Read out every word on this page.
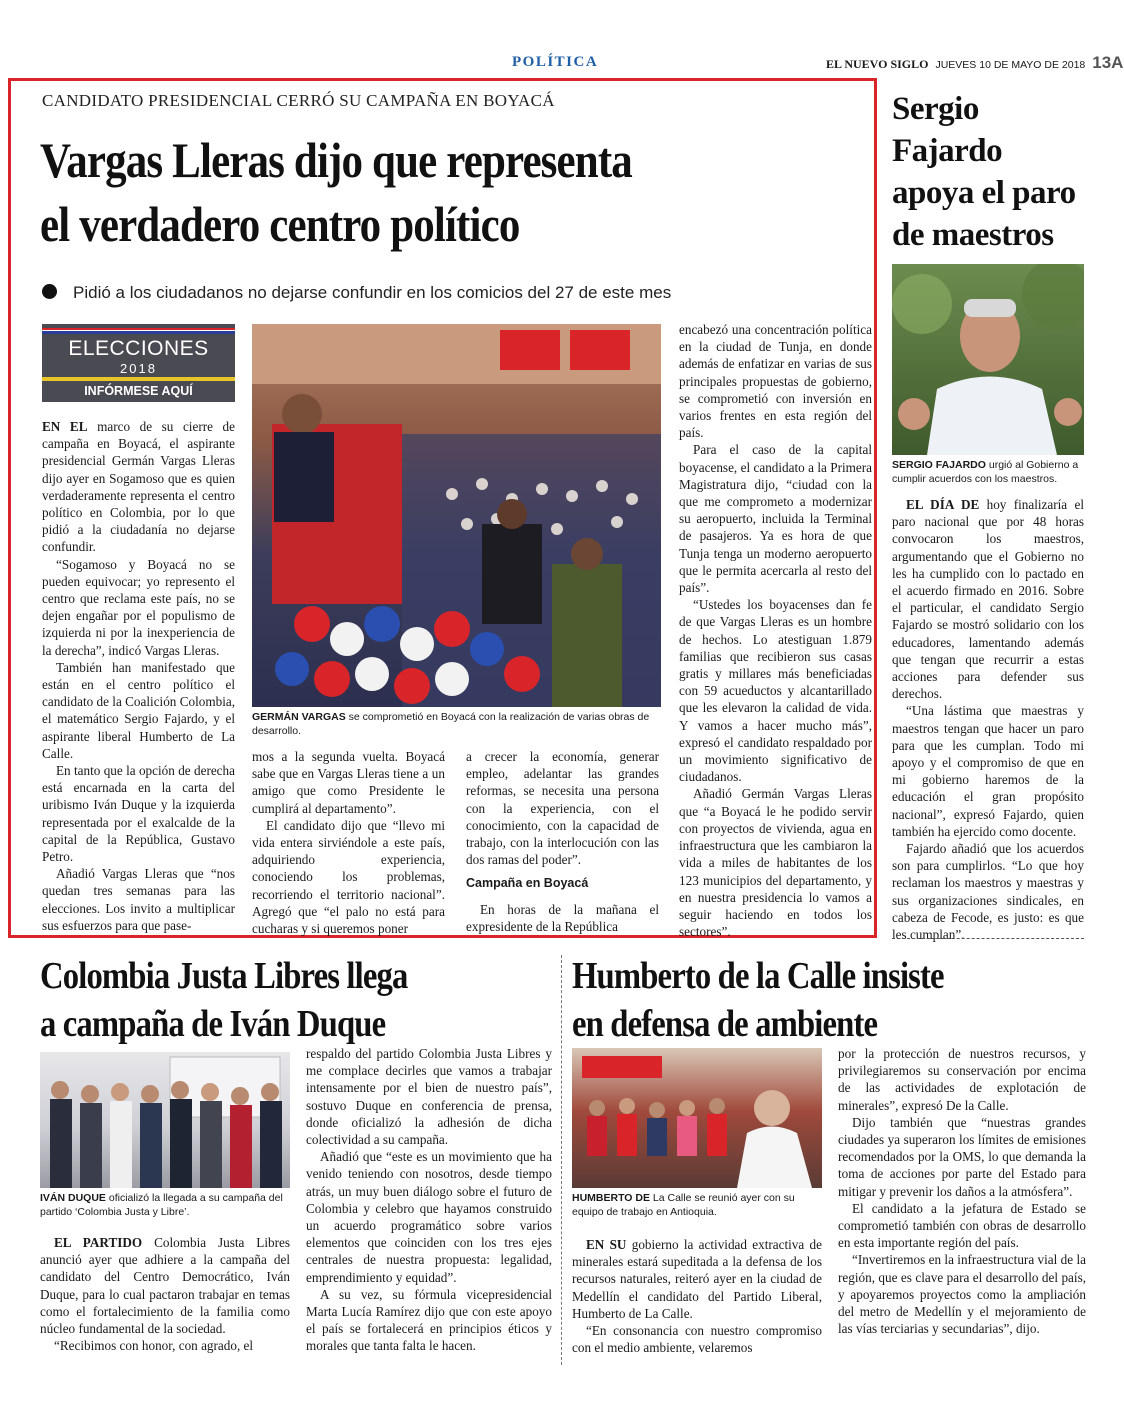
POLÍTICA	EL NUEVO SIGLO JUEVES 10 DE MAYO DE 2018 13A
CANDIDATO PRESIDENCIAL CERRÓ SU CAMPAÑA EN BOYACÁ
Vargas Lleras dijo que representa
el verdadero centro político
Pidió a los ciudadanos no dejarse confundir en los comicios del 27 de este mes
ELECCIONES
2018
INFÓRMESE AQUÍ
GERMÁN VARGAS se comprometió en Boyacá con la realización de varias obras de desarrollo.

EN EL marco de su cierre de campaña en Boyacá, el aspirante presidencial Germán Vargas Lleras dijo ayer en Sogamoso que es quien verdaderamente representa el centro político en Colombia, por lo que pidió a la ciudadanía no dejarse confundir.

“Sogamoso y Boyacá no se pueden equivocar; yo represento el centro que reclama este país, no se dejen engañar por el populismo de izquierda ni por la inexperiencia de la derecha”, indicó Vargas Lleras.

También han manifestado que están en el centro político el candidato de la Coalición Colombia, el matemático Sergio Fajardo, y el aspirante liberal Humberto de La Calle.

En tanto que la opción de derecha está encarnada en la carta del uribismo Iván Duque y la izquierda representada por el exalcalde de la capital de la República, Gustavo Petro.

Añadió Vargas Lleras que “nos quedan tres semanas para las elecciones. Los invito a multiplicar sus esfuerzos para que pase-

mos a la segunda vuelta. Boyacá sabe que en Vargas Lleras tiene a un amigo que como Presidente le cumplirá al departamento”.

El candidato dijo que “llevo mi vida entera sirviéndole a este país, adquiriendo experiencia, conociendo los problemas, recorriendo el territorio nacional”. Agregó que “el palo no está para cucharas y si queremos poner

a crecer la economía, generar empleo, adelantar las grandes reformas, se necesita una persona con la experiencia, con el conocimiento, con la capacidad de trabajo, con la interlocución con las dos ramas del poder”.

Campaña en Boyacá

En horas de la mañana el expresidente de la República

encabezó una concentración política en la ciudad de Tunja, en donde además de enfatizar en varias de sus principales propuestas de gobierno, se comprometió con inversión en varios frentes en esta región del país.

Para el caso de la capital boyacense, el candidato a la Primera Magistratura dijo, “ciudad con la que me comprometo a modernizar su aeropuerto, incluida la Terminal de pasajeros. Ya es hora de que Tunja tenga un moderno aeropuerto que le permita acercarla al resto del país”.

“Ustedes los boyacenses dan fe de que Vargas Lleras es un hombre de hechos. Lo atestiguan 1.879 familias que recibieron sus casas gratis y millares más beneficiadas con 59 acueductos y alcantarillado que les elevaron la calidad de vida. Y vamos a hacer mucho más”, expresó el candidato respaldado por un movimiento significativo de ciudadanos.

Añadió Germán Vargas Lleras que “a Boyacá le he podido servir con proyectos de vivienda, agua en infraestructura que les cambiaron la vida a miles de habitantes de los 123 municipios del departamento, y en nuestra presidencia lo vamos a seguir haciendo en todos los sectores”.

Sergio
Fajardo
apoya el paro
de maestros
SERGIO FAJARDO urgió al Gobierno a cumplir acuerdos con los maestros.

EL DÍA DE hoy finalizaría el paro nacional que por 48 horas convocaron los maestros, argumentando que el Gobierno no les ha cumplido con lo pactado en el acuerdo firmado en 2016. Sobre el particular, el candidato Sergio Fajardo se mostró solidario con los educadores, lamentando además que tengan que recurrir a estas acciones para defender sus derechos.

“Una lástima que maestras y maestros tengan que hacer un paro para que les cumplan. Todo mi apoyo y el compromiso de que en mi gobierno haremos de la educación el gran propósito nacional”, expresó Fajardo, quien también ha ejercido como docente.

Fajardo añadió que los acuerdos son para cumplirlos. “Lo que hoy reclaman los maestros y maestras y sus organizaciones sindicales, en cabeza de Fecode, es justo: es que les cumplan”.

Colombia Justa Libres llega
a campaña de Iván Duque
IVÁN DUQUE oficializó la llegada a su campaña del partido ‘Colombia Justa y Libre’.

EL PARTIDO Colombia Justa Libres anunció ayer que adhiere a la campaña del candidato del Centro Democrático, Iván Duque, para lo cual pactaron trabajar en temas como el fortalecimiento de la familia como núcleo fundamental de la sociedad.

“Recibimos con honor, con agrado, el

respaldo del partido Colombia Justa Libres y me complace decirles que vamos a trabajar intensamente por el bien de nuestro país”, sostuvo Duque en conferencia de prensa, donde oficializó la adhesión de dicha colectividad a su campaña.

Añadió que “este es un movimiento que ha venido teniendo con nosotros, desde tiempo atrás, un muy buen diálogo sobre el futuro de Colombia y celebro que hayamos construido un acuerdo programático sobre varios elementos que coinciden con los tres ejes centrales de nuestra propuesta: legalidad, emprendimiento y equidad”.

A su vez, su fórmula vicepresidencial Marta Lucía Ramírez dijo que con este apoyo el país se fortalecerá en principios éticos y morales que tanta falta le hacen.

Humberto de la Calle insiste
en defensa de ambiente
HUMBERTO DE La Calle se reunió ayer con su equipo de trabajo en Antioquia.

EN SU gobierno la actividad extractiva de minerales estará supeditada a la defensa de los recursos naturales, reiteró ayer en la ciudad de Medellín el candidato del Partido Liberal, Humberto de La Calle.

“En consonancia con nuestro compromiso con el medio ambiente, velaremos

por la protección de nuestros recursos, y privilegiaremos su conservación por encima de las actividades de explotación de minerales”, expresó De la Calle.

Dijo también que “nuestras grandes ciudades ya superaron los límites de emisiones recomendados por la OMS, lo que demanda la toma de acciones por parte del Estado para mitigar y prevenir los daños a la atmósfera”.

El candidato a la jefatura de Estado se comprometió también con obras de desarrollo en esta importante región del país.

“Invertiremos en la infraestructura vial de la región, que es clave para el desarrollo del país, y apoyaremos proyectos como la ampliación del metro de Medellín y el mejoramiento de las vías terciarias y secundarias”, dijo.
